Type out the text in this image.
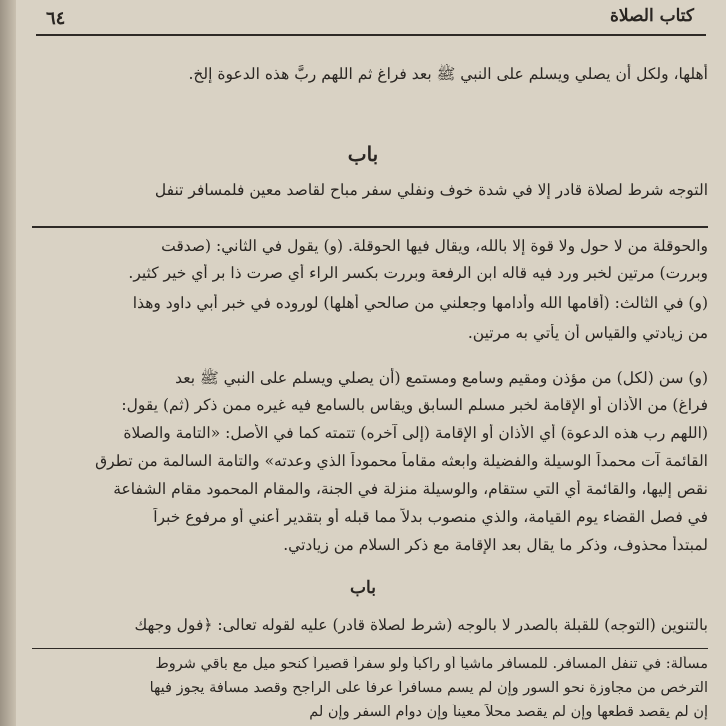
كتاب الصلاة
٦٤
أهلها، ولكل أن يصلي ويسلم على النبي ﷺ بعد فراغ ثم اللهم ربَّ هذه الدعوة إلخ.
باب
التوجه شرط لصلاة قادر إلا في شدة خوف ونفلي سفر مباح لقاصد معين فلمسافر تنفل
والحوقلة من لا حول ولا قوة إلا بالله، ويقال فيها الحوقلة. (و) يقول في الثاني: (صدقت
وبررت) مرتين لخبر ورد فيه قاله ابن الرفعة وبررت بكسر الراء أي صرت ذا بر أي خير كثير.
(و) في الثالث: (أقامها الله وأدامها وجعلني من صالحي أهلها) لوروده في خبر أبي داود وهذا
من زيادتي والقياس أن يأتي به مرتين.
(و) سن (لكل) من مؤذن ومقيم وسامع ومستمع (أن يصلي ويسلم على النبي ﷺ بعد
فراغ) من الأذان أو الإقامة لخبر مسلم السابق ويقاس بالسامع فيه غيره ممن ذكر (ثم) يقول:
(اللهم رب هذه الدعوة) أي الأذان أو الإقامة (إلى آخره) تتمته كما في الأصل: «التامة والصلاة
القائمة آت محمداً الوسيلة والفضيلة وابعثه مقاماً محموداً الذي وعدته» والتامة السالمة من تطرق
نقص إليها، والقائمة أي التي ستقام، والوسيلة منزلة في الجنة، والمقام المحمود مقام الشفاعة
في فصل القضاء يوم القيامة، والذي منصوب بدلاً مما قبله أو بتقدير أعني أو مرفوع خبراً
لمبتدأ محذوف، وذكر ما يقال بعد الإقامة مع ذكر السلام من زيادتي.
باب
بالتنوين (التوجه) للقبلة بالصدر لا بالوجه (شرط لصلاة قادر) عليه لقوله تعالى: ﴿فول وجهك
مسألة: في تنفل المسافر. للمسافر ماشياً أو راكباً ولو سفراً قصيراً كنحو ميل مع باقي شروط
الترخص من مجاوزة نحو السور وإن لم يسم مسافراً عرفاً على الراجح وقصد مسافة يجوز فيها
إن لم يقصد قطعها وإن لم يقصد محلاً معيناً وإن دوام السفر وإن لم
